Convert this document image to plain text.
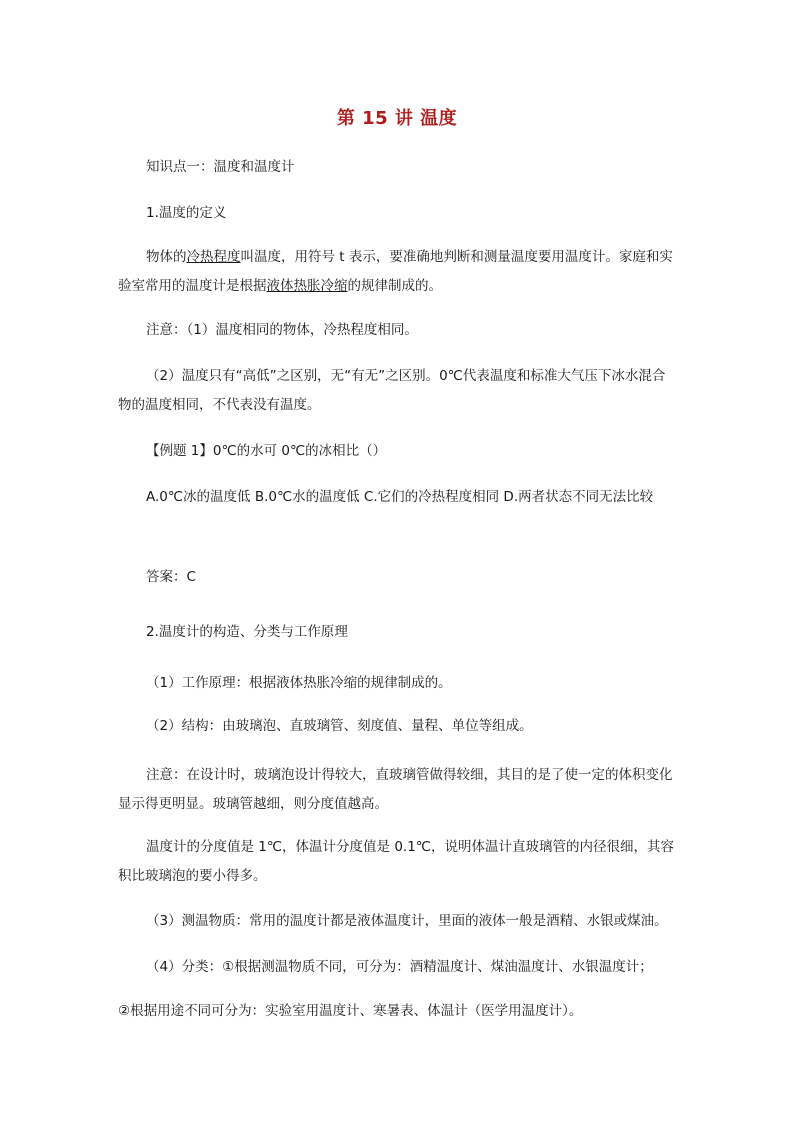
第 15 讲 温度

知识点一：温度和温度计

1.温度的定义

物体的冷热程度叫温度，用符号 t 表示，要准确地判断和测量温度要用温度计。家庭和实验室常用的温度计是根据液体热胀冷缩的规律制成的。

注意：（1）温度相同的物体，冷热程度相同。

（2）温度只有“高低”之区别，无“有无”之区别。0℃代表温度和标准大气压下冰水混合物的温度相同，不代表没有温度。

【例题 1】0℃的水可 0℃的冰相比（）

A.0℃冰的温度低 B.0℃水的温度低 C.它们的冷热程度相同 D.两者状态不同无法比较

答案：C

2.温度计的构造、分类与工作原理

（1）工作原理：根据液体热胀冷缩的规律制成的。

（2）结构：由玻璃泡、直玻璃管、刻度值、量程、单位等组成。

注意：在设计时，玻璃泡设计得较大，直玻璃管做得较细，其目的是了使一定的体积变化显示得更明显。玻璃管越细，则分度值越高。

温度计的分度值是 1℃，体温计分度值是 0.1℃，说明体温计直玻璃管的内径很细，其容积比玻璃泡的要小得多。

（3）测温物质：常用的温度计都是液体温度计，里面的液体一般是酒精、水银或煤油。

（4）分类：①根据测温物质不同，可分为：酒精温度计、煤油温度计、水银温度计；

②根据用途不同可分为：实验室用温度计、寒暑表、体温计（医学用温度计）。
